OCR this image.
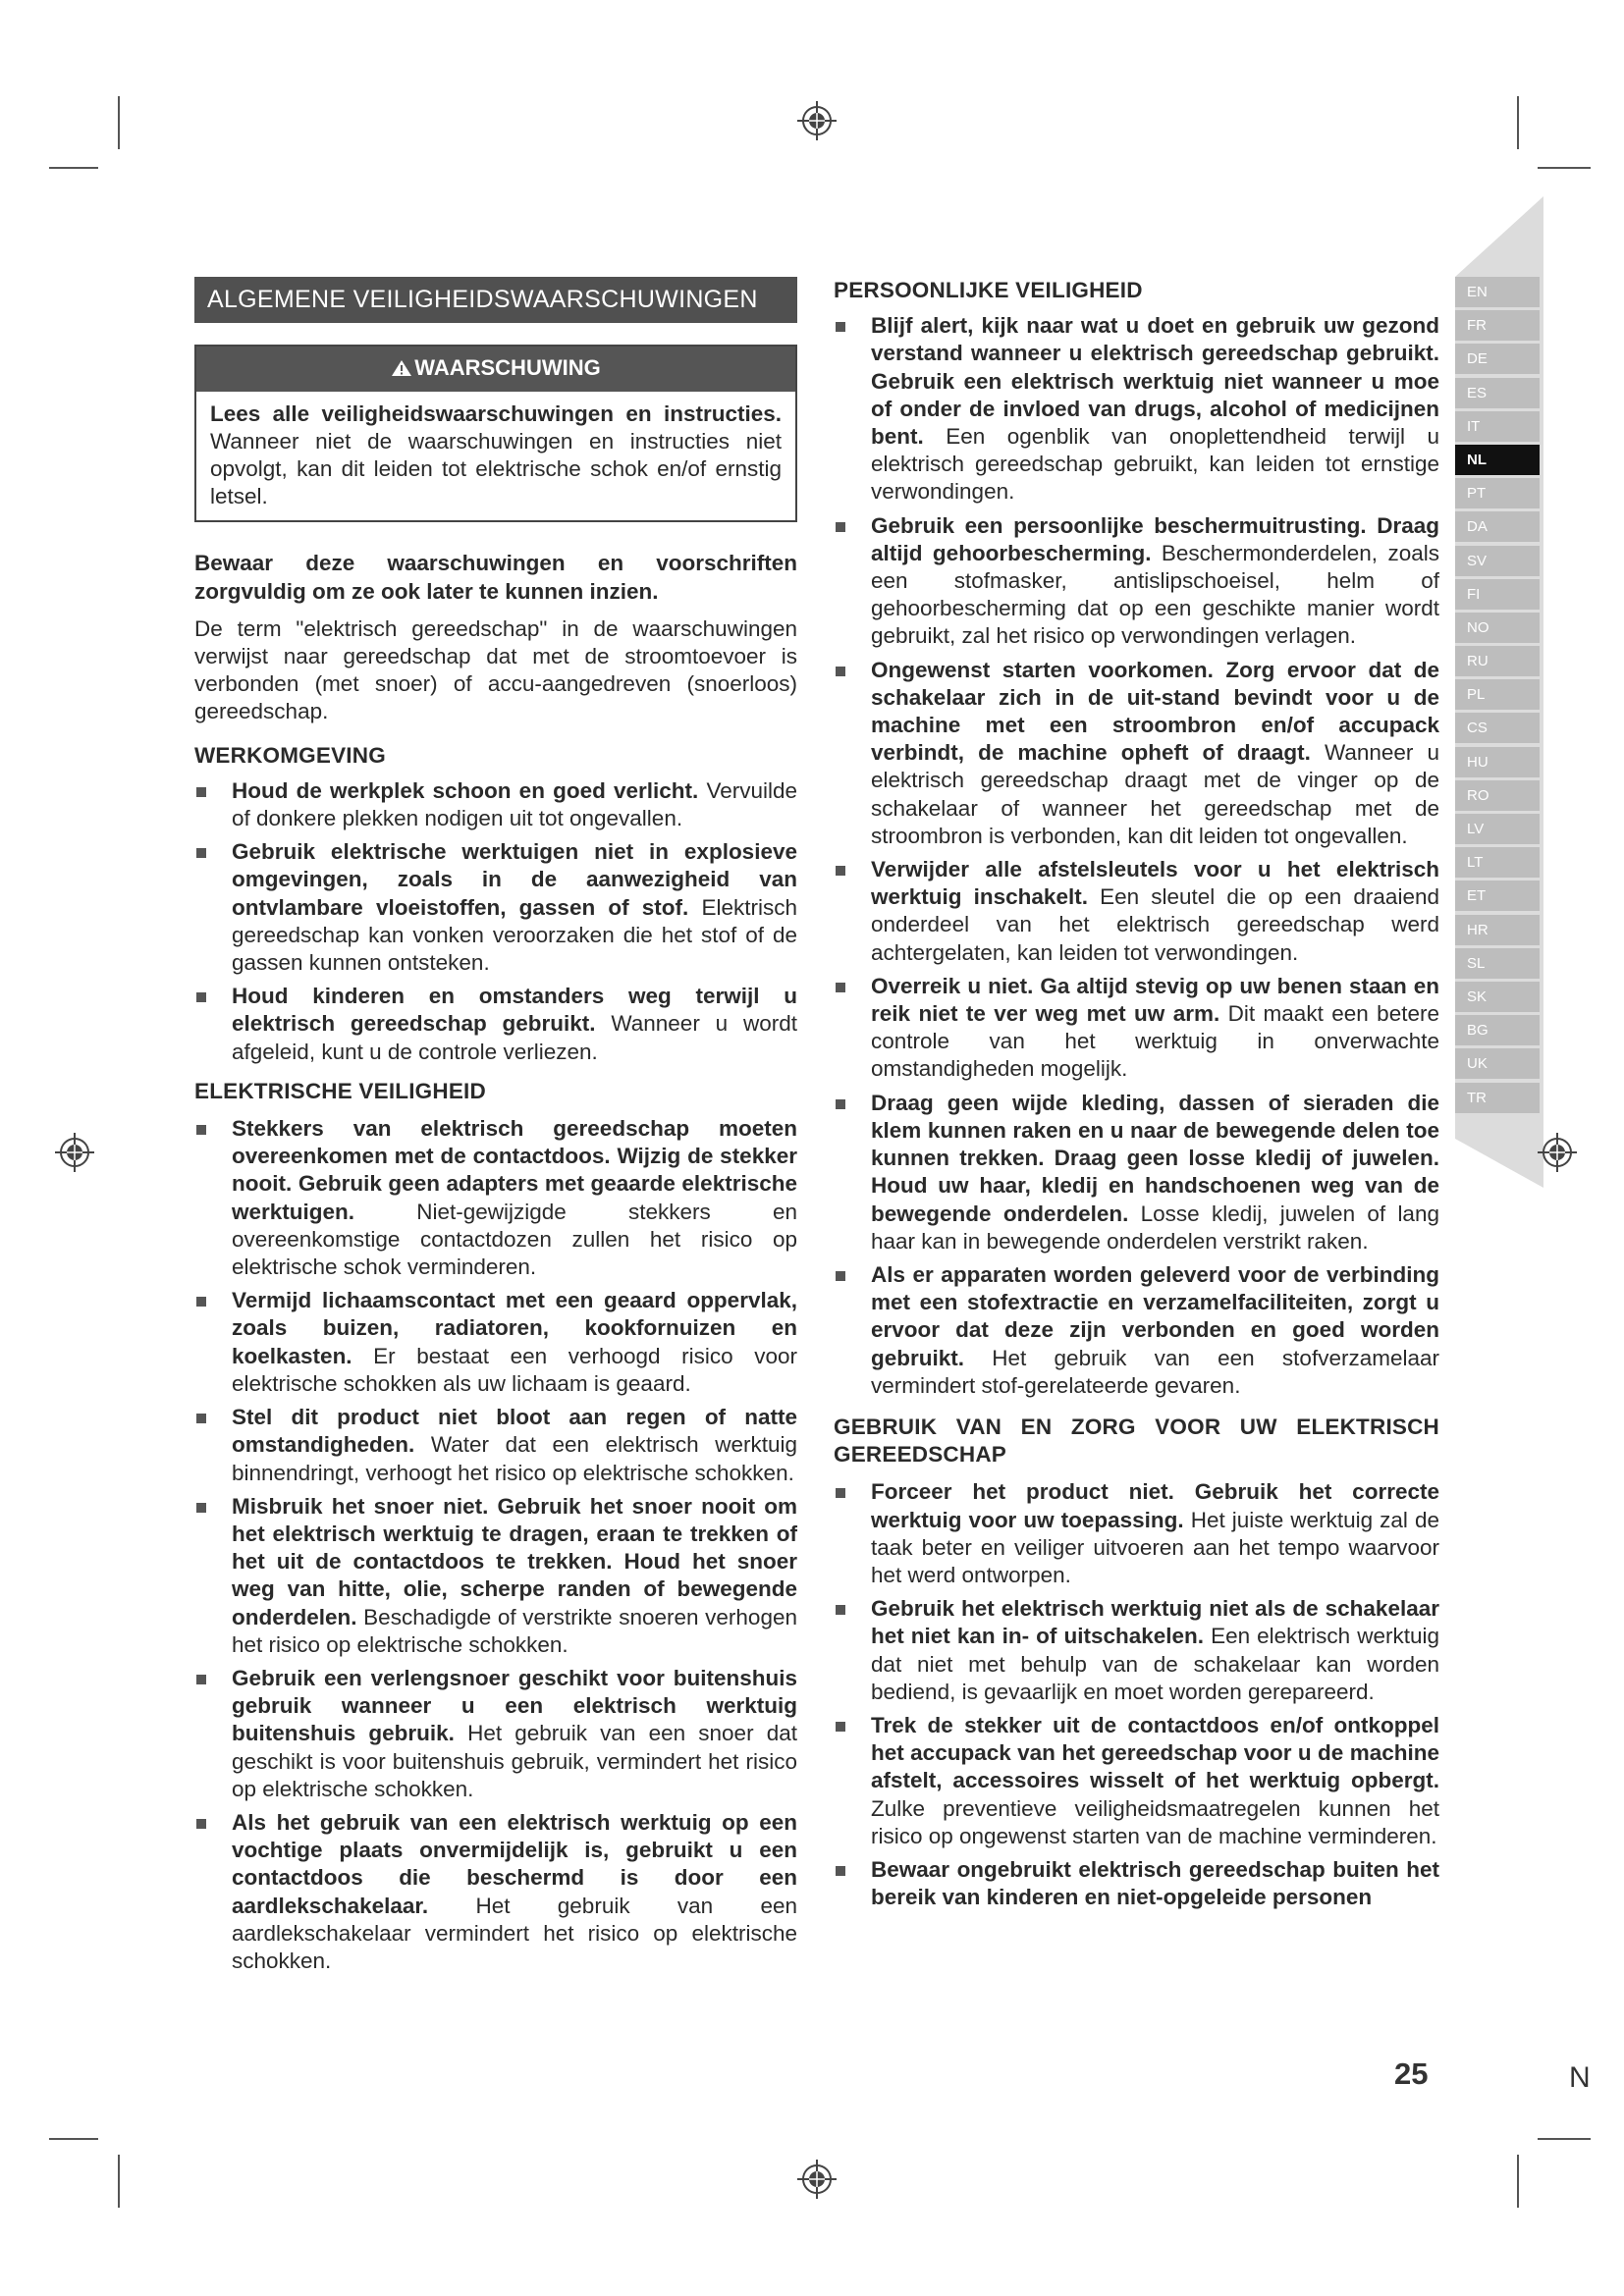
ALGEMENE VEILIGHEIDSWAARSCHUWINGEN
WAARSCHUWING

Lees alle veiligheidswaarschuwingen en instructies. Wanneer niet de waarschuwingen en instructies niet opvolgt, kan dit leiden tot elektrische schok en/of ernstig letsel.

Bewaar deze waarschuwingen en voorschriften zorgvuldig om ze ook later te kunnen inzien.

De term "elektrisch gereedschap" in de waarschuwingen verwijst naar gereedschap dat met de stroomtoevoer is verbonden (met snoer) of accu-aangedreven (snoerloos) gereedschap.

WERKOMGEVING

Houd de werkplek schoon en goed verlicht. Vervuilde of donkere plekken nodigen uit tot ongevallen.
Gebruik elektrische werktuigen niet in explosieve omgevingen, zoals in de aanwezigheid van ontvlambare vloeistoffen, gassen of stof. Elektrisch gereedschap kan vonken veroorzaken die het stof of de gassen kunnen ontsteken.
Houd kinderen en omstanders weg terwijl u elektrisch gereedschap gebruikt. Wanneer u wordt afgeleid, kunt u de controle verliezen.

ELEKTRISCHE VEILIGHEID

Stekkers van elektrisch gereedschap moeten overeenkomen met de contactdoos. Wijzig de stekker nooit. Gebruik geen adapters met geaarde elektrische werktuigen. Niet-gewijzigde stekkers en overeenkomstige contactdozen zullen het risico op elektrische schok verminderen.
Vermijd lichaamscontact met een geaard oppervlak, zoals buizen, radiatoren, kookfornuizen en koelkasten. Er bestaat een verhoogd risico voor elektrische schokken als uw lichaam is geaard.
Stel dit product niet bloot aan regen of natte omstandigheden. Water dat een elektrisch werktuig binnendringt, verhoogt het risico op elektrische schokken.
Misbruik het snoer niet. Gebruik het snoer nooit om het elektrisch werktuig te dragen, eraan te trekken of het uit de contactdoos te trekken. Houd het snoer weg van hitte, olie, scherpe randen of bewegende onderdelen. Beschadigde of verstrikte snoeren verhogen het risico op elektrische schokken.
Gebruik een verlengsnoer geschikt voor buitenshuis gebruik wanneer u een elektrisch werktuig buitenshuis gebruik. Het gebruik van een snoer dat geschikt is voor buitenshuis gebruik, vermindert het risico op elektrische schokken.
Als het gebruik van een elektrisch werktuig op een vochtige plaats onvermijdelijk is, gebruikt u een contactdoos die beschermd is door een aardlekschakelaar. Het gebruik van een aardlekschakelaar vermindert het risico op elektrische schokken.

PERSOONLIJKE VEILIGHEID

Blijf alert, kijk naar wat u doet en gebruik uw gezond verstand wanneer u elektrisch gereedschap gebruikt. Gebruik een elektrisch werktuig niet wanneer u moe of onder de invloed van drugs, alcohol of medicijnen bent. Een ogenblik van onoplettendheid terwijl u elektrisch gereedschap gebruikt, kan leiden tot ernstige verwondingen.
Gebruik een persoonlijke beschermuitrusting. Draag altijd gehoorbescherming. Beschermonderdelen, zoals een stofmasker, antislipschoeisel, helm of gehoorbescherming dat op een geschikte manier wordt gebruikt, zal het risico op verwondingen verlagen.
Ongewenst starten voorkomen. Zorg ervoor dat de schakelaar zich in de uit-stand bevindt voor u de machine met een stroombron en/of accupack verbindt, de machine opheft of draagt. Wanneer u elektrisch gereedschap draagt met de vinger op de schakelaar of wanneer het gereedschap met de stroombron is verbonden, kan dit leiden tot ongevallen.
Verwijder alle afstelsleutels voor u het elektrisch werktuig inschakelt. Een sleutel die op een draaiend onderdeel van het elektrisch gereedschap werd achtergelaten, kan leiden tot verwondingen.
Overreik u niet. Ga altijd stevig op uw benen staan en reik niet te ver weg met uw arm. Dit maakt een betere controle van het werktuig in onverwachte omstandigheden mogelijk.
Draag geen wijde kleding, dassen of sieraden die klem kunnen raken en u naar de bewegende delen toe kunnen trekken. Draag geen losse kledij of juwelen. Houd uw haar, kledij en handschoenen weg van de bewegende onderdelen. Losse kledij, juwelen of lang haar kan in bewegende onderdelen verstrikt raken.
Als er apparaten worden geleverd voor de verbinding met een stofextractie en verzamelfaciliteiten, zorgt u ervoor dat deze zijn verbonden en goed worden gebruikt. Het gebruik van een stofverzamelaar vermindert stof-gerelateerde gevaren.

GEBRUIK VAN EN ZORG VOOR UW ELEKTRISCH GEREEDSCHAP

Forceer het product niet. Gebruik het correcte werktuig voor uw toepassing. Het juiste werktuig zal de taak beter en veiliger uitvoeren aan het tempo waarvoor het werd ontworpen.
Gebruik het elektrisch werktuig niet als de schakelaar het niet kan in- of uitschakelen. Een elektrisch werktuig dat niet met behulp van de schakelaar kan worden bediend, is gevaarlijk en moet worden gerepareerd.
Trek de stekker uit de contactdoos en/of ontkoppel het accupack van het gereedschap voor u de machine afstelt, accessoires wisselt of het werktuig opbergt. Zulke preventieve veiligheidsmaatregelen kunnen het risico op ongewenst starten van de machine verminderen.
Bewaar ongebruikt elektrisch gereedschap buiten het bereik van kinderen en niet-opgeleide personen
EN
FR
DE
ES
IT
NL
PT
DA
SV
FI
NO
RU
PL
CS
HU
RO
LV
LT
ET
HR
SL
SK
BG
UK
TR
25	N
